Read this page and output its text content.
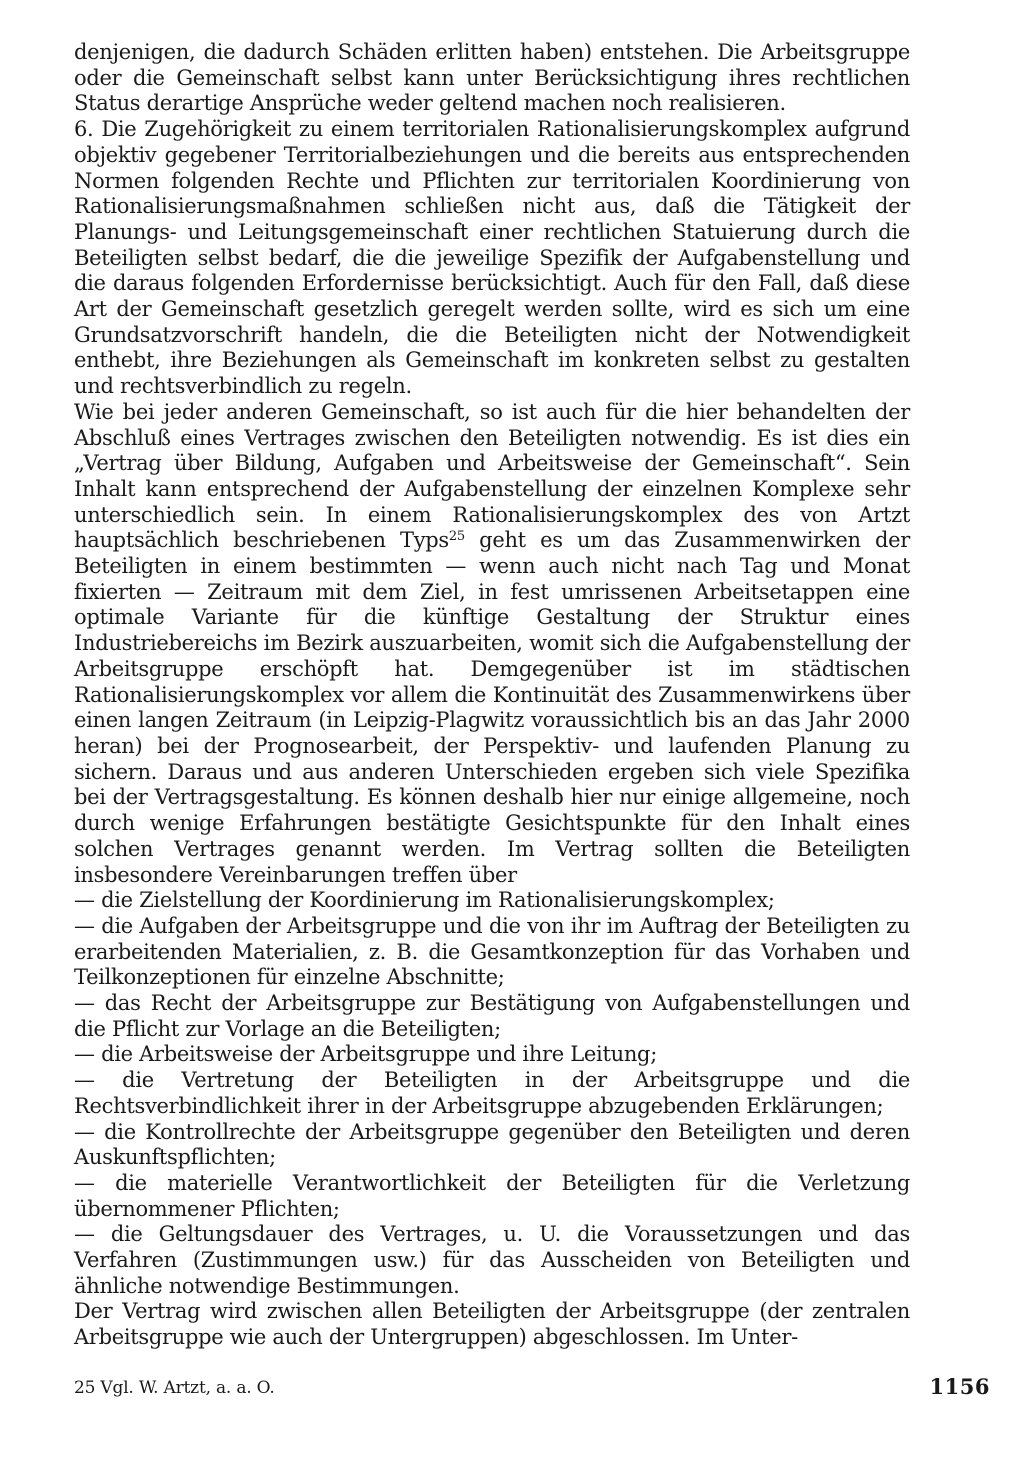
denjenigen, die dadurch Schäden erlitten haben) entstehen. Die Arbeitsgruppe oder die Gemeinschaft selbst kann unter Berücksichtigung ihres rechtlichen Status derartige Ansprüche weder geltend machen noch realisieren.

6. Die Zugehörigkeit zu einem territorialen Rationalisierungskomplex aufgrund objektiv gegebener Territorialbeziehungen und die bereits aus entsprechenden Normen folgenden Rechte und Pflichten zur territorialen Koordinierung von Rationalisierungsmaßnahmen schließen nicht aus, daß die Tätigkeit der Planungs- und Leitungsgemeinschaft einer rechtlichen Statuierung durch die Beteiligten selbst bedarf, die die jeweilige Spezifik der Aufgabenstellung und die daraus folgenden Erfordernisse berücksichtigt. Auch für den Fall, daß diese Art der Gemeinschaft gesetzlich geregelt werden sollte, wird es sich um eine Grundsatzvorschrift handeln, die die Beteiligten nicht der Notwendigkeit enthebt, ihre Beziehungen als Gemeinschaft im konkreten selbst zu gestalten und rechtsverbindlich zu regeln.

Wie bei jeder anderen Gemeinschaft, so ist auch für die hier behandelten der Abschluß eines Vertrages zwischen den Beteiligten notwendig. Es ist dies ein „Vertrag über Bildung, Aufgaben und Arbeitsweise der Gemeinschaft“. Sein Inhalt kann entsprechend der Aufgabenstellung der einzelnen Komplexe sehr unterschiedlich sein. In einem Rationalisierungskomplex des von Artzt hauptsächlich beschriebenen Typs$^{25}$ geht es um das Zusammenwirken der Beteiligten in einem bestimmten — wenn auch nicht nach Tag und Monat fixierten — Zeitraum mit dem Ziel, in fest umrissenen Arbeitsetappen eine optimale Variante für die künftige Gestaltung der Struktur eines Industriebereichs im Bezirk auszuarbeiten, womit sich die Aufgabenstellung der Arbeitsgruppe erschöpft hat. Demgegenüber ist im städtischen Rationalisierungskomplex vor allem die Kontinuität des Zusammenwirkens über einen langen Zeitraum (in Leipzig-Plagwitz voraussichtlich bis an das Jahr 2000 heran) bei der Prognosearbeit, der Perspektiv- und laufenden Planung zu sichern. Daraus und aus anderen Unterschieden ergeben sich viele Spezifika bei der Vertragsgestaltung. Es können deshalb hier nur einige allgemeine, noch durch wenige Erfahrungen bestätigte Gesichtspunkte für den Inhalt eines solchen Vertrages genannt werden. Im Vertrag sollten die Beteiligten insbesondere Vereinbarungen treffen über

— die Zielstellung der Koordinierung im Rationalisierungskomplex;
— die Aufgaben der Arbeitsgruppe und die von ihr im Auftrag der Beteiligten zu erarbeitenden Materialien, z. B. die Gesamtkonzeption für das Vorhaben und Teilkonzeptionen für einzelne Abschnitte;
— das Recht der Arbeitsgruppe zur Bestätigung von Aufgabenstellungen und die Pflicht zur Vorlage an die Beteiligten;
— die Arbeitsweise der Arbeitsgruppe und ihre Leitung;
— die Vertretung der Beteiligten in der Arbeitsgruppe und die Rechtsverbindlichkeit ihrer in der Arbeitsgruppe abzugebenden Erklärungen;
— die Kontrollrechte der Arbeitsgruppe gegenüber den Beteiligten und deren Auskunftspflichten;
— die materielle Verantwortlichkeit der Beteiligten für die Verletzung übernommener Pflichten;
— die Geltungsdauer des Vertrages, u. U. die Voraussetzungen und das Verfahren (Zustimmungen usw.) für das Ausscheiden von Beteiligten und ähnliche notwendige Bestimmungen.

Der Vertrag wird zwischen allen Beteiligten der Arbeitsgruppe (der zentralen Arbeitsgruppe wie auch der Untergruppen) abgeschlossen. Im Unter-

25 Vgl. W. Artzt, a. a. O.	1156
